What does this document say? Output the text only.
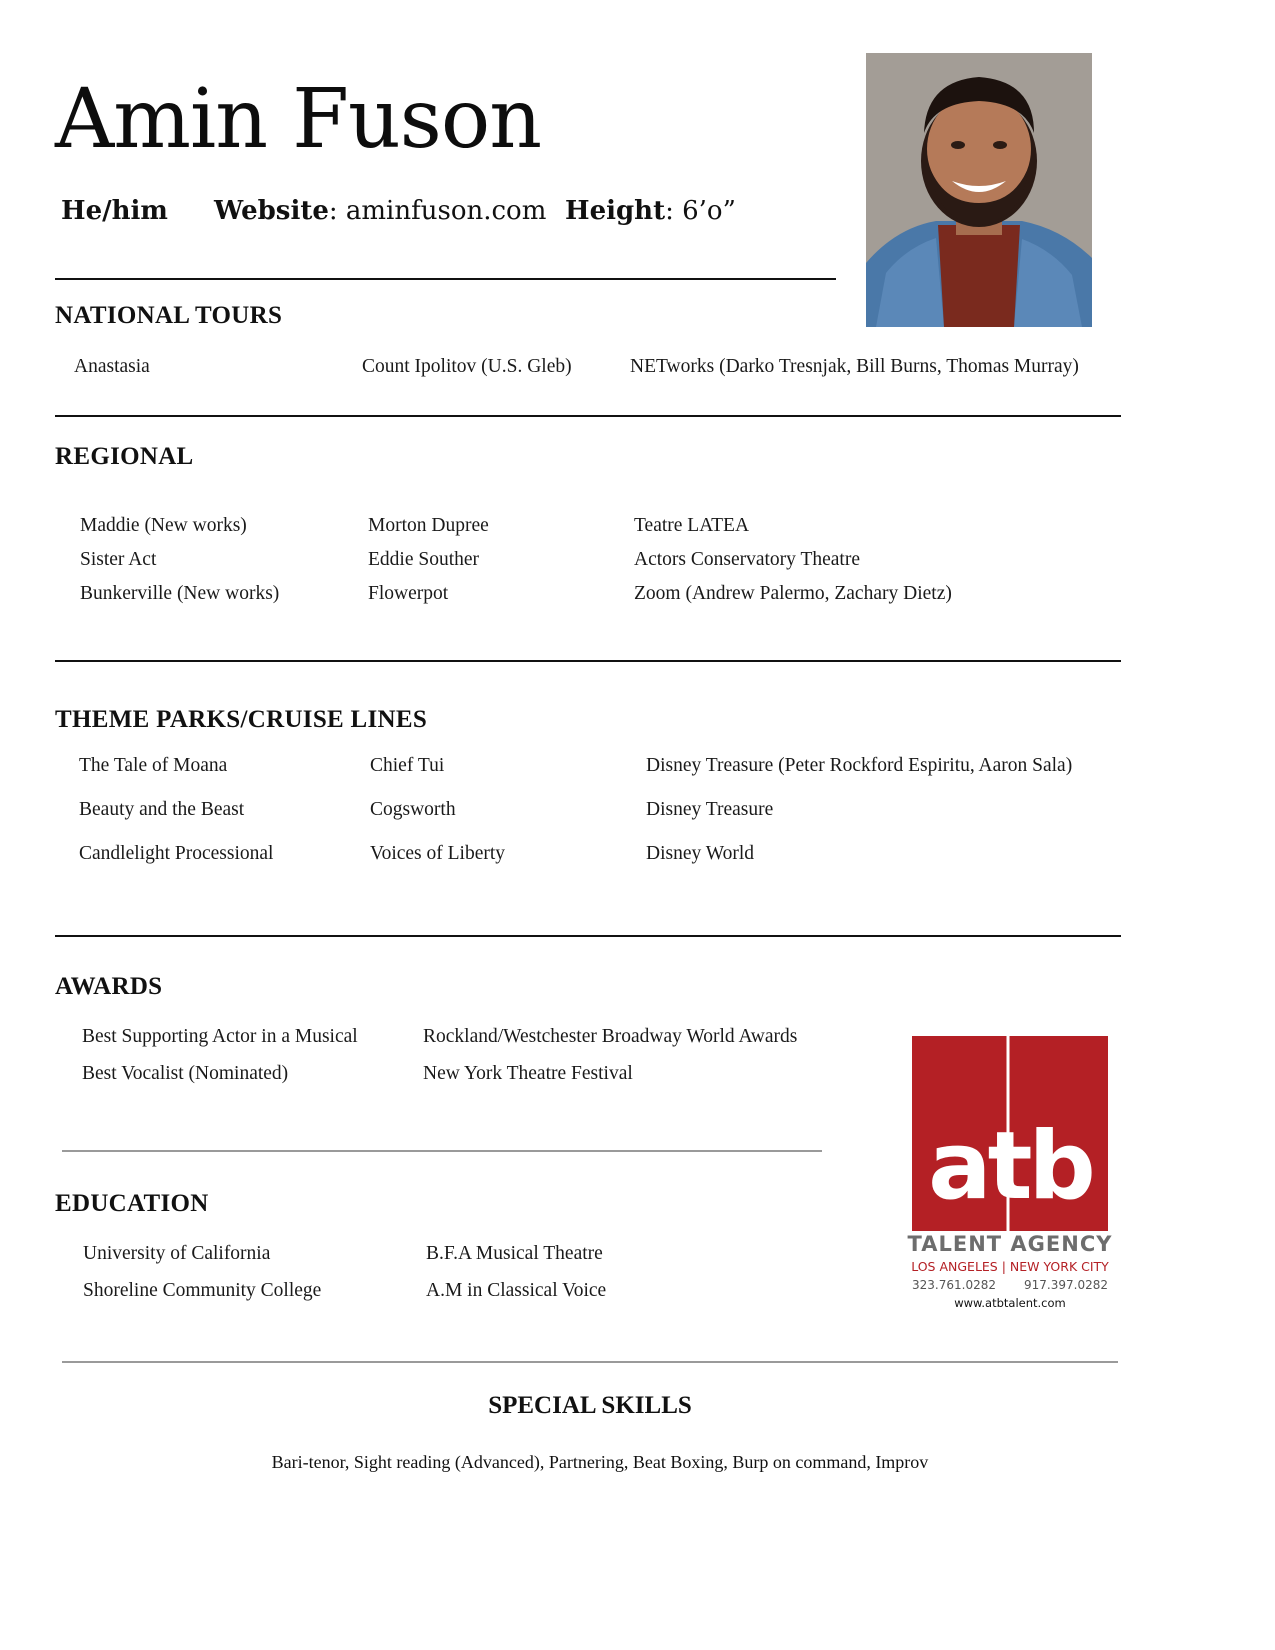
Amin Fuson
He/him Website: aminfuson.com Height: 6’o”
NATIONAL TOURS
Anastasia	Count Ipolitov (U.S. Gleb)	NETworks (Darko Tresnjak, Bill Burns, Thomas Murray)
REGIONAL
Maddie (New works)	Morton Dupree	Teatre LATEA
Sister Act	Eddie Souther	Actors Conservatory Theatre
Bunkerville (New works)	Flowerpot	Zoom (Andrew Palermo, Zachary Dietz)
THEME PARKS/CRUISE LINES
The Tale of Moana	Chief Tui	Disney Treasure (Peter Rockford Espiritu, Aaron Sala)
Beauty and the Beast	Cogsworth	Disney Treasure
Candlelight Processional	Voices of Liberty	Disney World
AWARDS
Best Supporting Actor in a Musical	Rockland/Westchester Broadway World Awards
Best Vocalist (Nominated)	New York Theatre Festival
EDUCATION
University of California	B.F.A Musical Theatre
Shoreline Community College	A.M in Classical Voice
SPECIAL SKILLS
Bari-tenor, Sight reading (Advanced), Partnering, Beat Boxing, Burp on command, Improv
atb
TALENT AGENCY
LOS ANGELES | NEW YORK CITY
323.761.0282 917.397.0282
www.atbtalent.com
